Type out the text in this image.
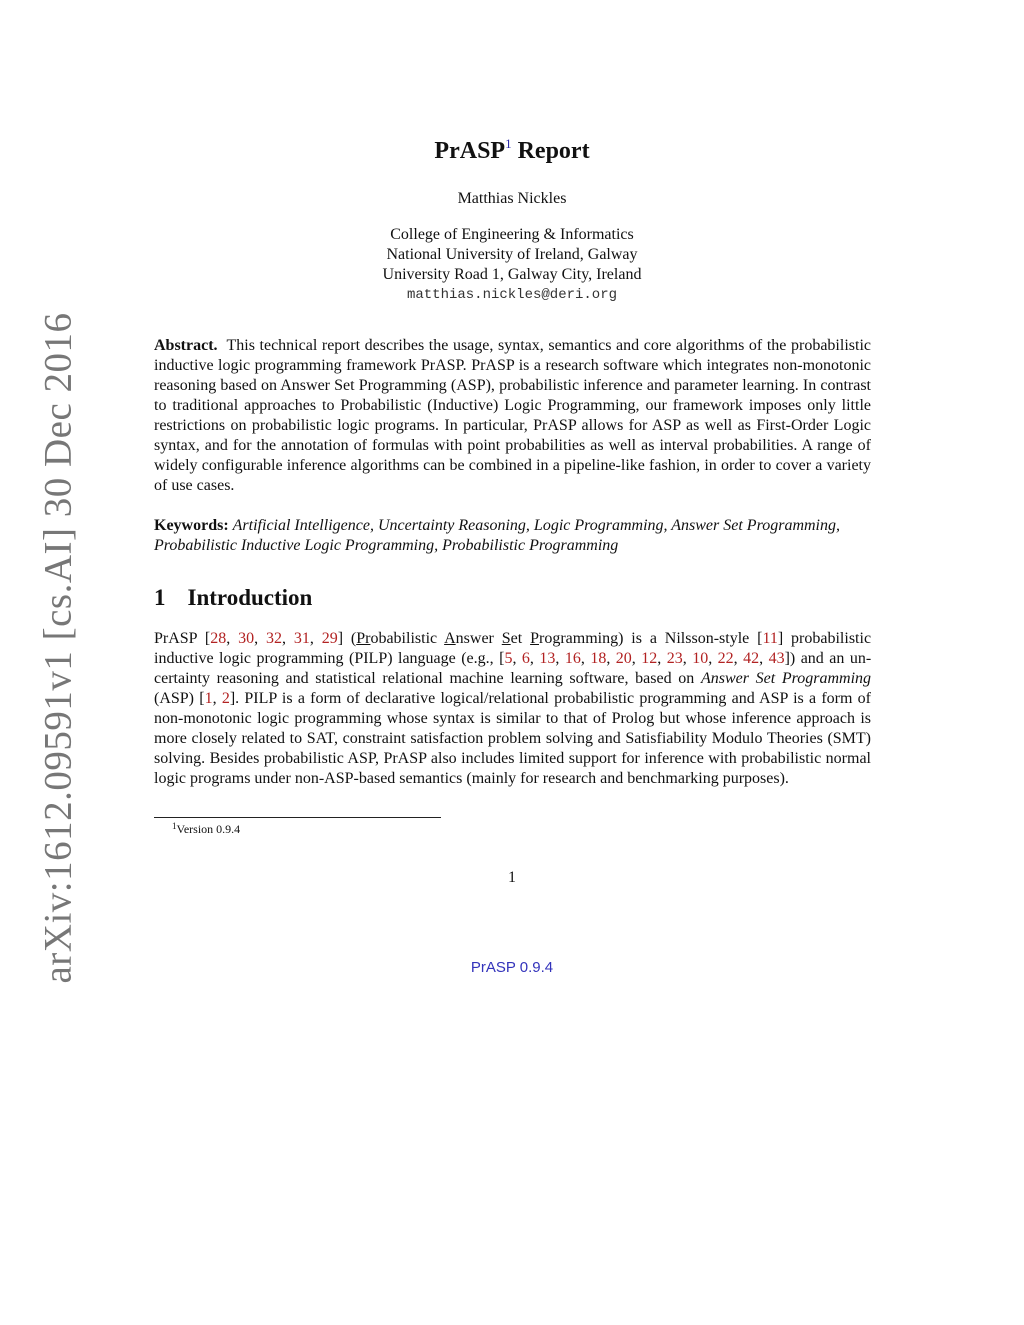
arXiv:1612.09591v1 [cs.AI] 30 Dec 2016
PrASP$^1$ Report
Matthias Nickles
College of Engineering & Informatics
National University of Ireland, Galway
University Road 1, Galway City, Ireland
matthias.nickles@deri.org
Abstract. This technical report describes the usage, syntax, semantics and core algorithms of the probabilistic inductive logic programming framework PrASP. PrASP is a research software which integrates non-monotonic reasoning based on Answer Set Programming (ASP), probabilistic inference and parameter learning. In contrast to traditional approaches to Probabilistic (Inductive) Logic Programming, our framework imposes only little restrictions on probabilistic logic programs. In particular, PrASP allows for ASP as well as First-Order Logic syntax, and for the annotation of formulas with point probabilities as well as interval probabilities. A range of widely configurable inference algorithms can be combined in a pipeline-like fashion, in order to cover a variety of use cases.
Keywords: Artificial Intelligence, Uncertainty Reasoning, Logic Programming, Answer Set Programming, Probabilistic Inductive Logic Programming, Probabilistic Programming
1 Introduction
PrASP [28, 30, 32, 31, 29] (Probabilistic Answer Set Programming) is a Nilsson-style [11] probabilistic inductive logic programming (PILP) language (e.g., [5, 6, 13, 16, 18, 20, 12, 23, 10, 22, 42, 43]) and an uncertainty reasoning and statistical relational machine learning software, based on Answer Set Programming (ASP) [1, 2]. PILP is a form of declarative logical/relational probabilistic programming and ASP is a form of non-monotonic logic programming whose syntax is similar to that of Prolog but whose inference approach is more closely related to SAT, constraint satisfaction problem solving and Satisfiability Modulo Theories (SMT) solving. Besides probabilistic ASP, PrASP also includes limited support for inference with probabilistic normal logic programs under non-ASP-based semantics (mainly for research and benchmarking purposes).
$^1$Version 0.9.4
1
PrASP 0.9.4
